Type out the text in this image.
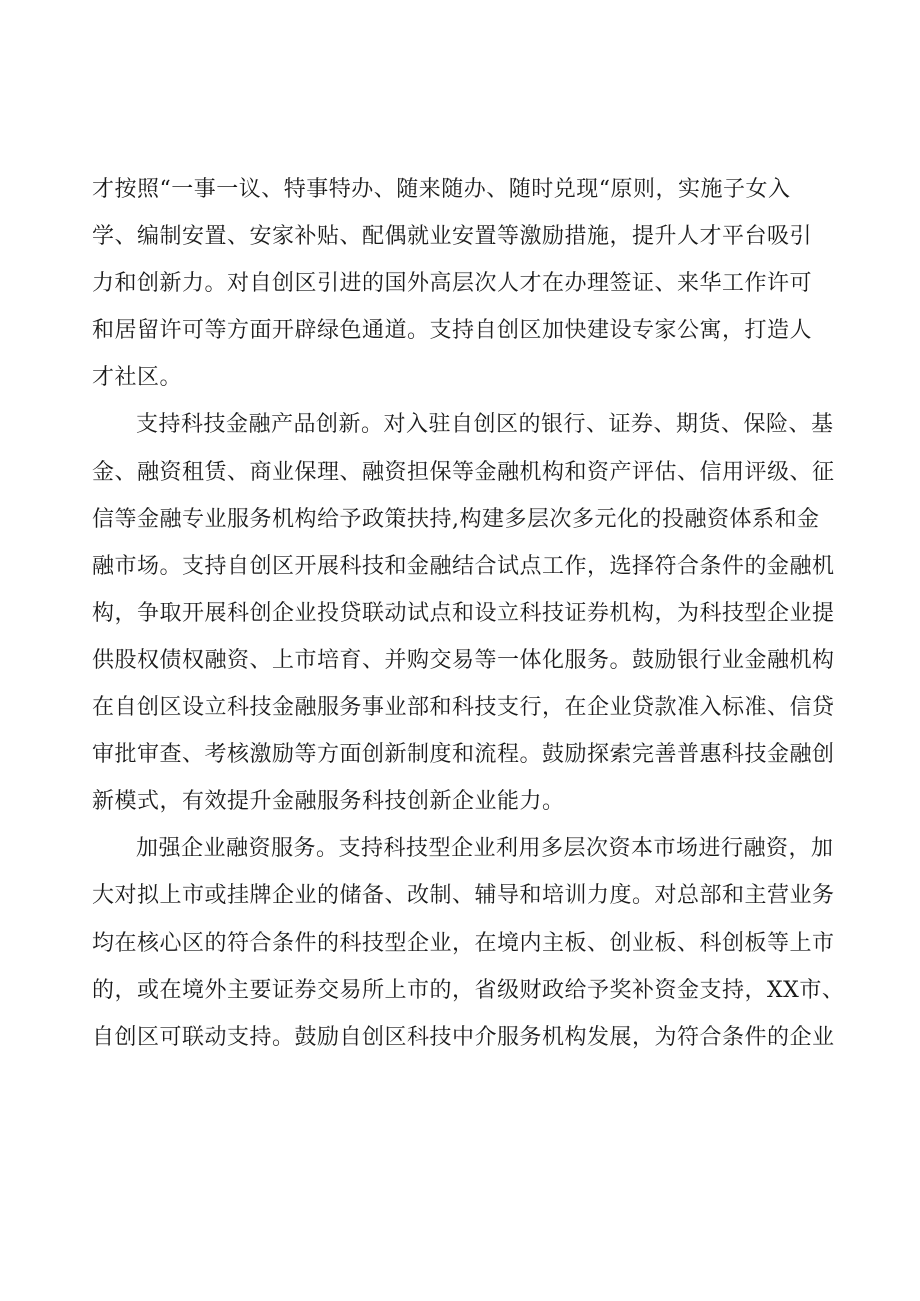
才按照“一事一议、特事特办、随来随办、随时兑现“原则，实施子女入
学、编制安置、安家补贴、配偶就业安置等激励措施，提升人才平台吸引
力和创新力。对自创区引进的国外高层次人才在办理签证、来华工作许可
和居留许可等方面开辟绿色通道。支持自创区加快建设专家公寓，打造人
才社区。
支持科技金融产品创新。对入驻自创区的银行、证券、期货、保险、基
金、融资租赁、商业保理、融资担保等金融机构和资产评估、信用评级、征
信等金融专业服务机构给予政策扶持,构建多层次多元化的投融资体系和金
融市场。支持自创区开展科技和金融结合试点工作，选择符合条件的金融机
构，争取开展科创企业投贷联动试点和设立科技证券机构，为科技型企业提
供股权债权融资、上市培育、并购交易等一体化服务。鼓励银行业金融机构
在自创区设立科技金融服务事业部和科技支行，在企业贷款准入标准、信贷
审批审查、考核激励等方面创新制度和流程。鼓励探索完善普惠科技金融创
新模式，有效提升金融服务科技创新企业能力。
加强企业融资服务。支持科技型企业利用多层次资本市场进行融资，加
大对拟上市或挂牌企业的储备、改制、辅导和培训力度。对总部和主营业务
均在核心区的符合条件的科技型企业，在境内主板、创业板、科创板等上市
的，或在境外主要证券交易所上市的，省级财政给予奖补资金支持，XX市、
自创区可联动支持。鼓励自创区科技中介服务机构发展，为符合条件的企业
